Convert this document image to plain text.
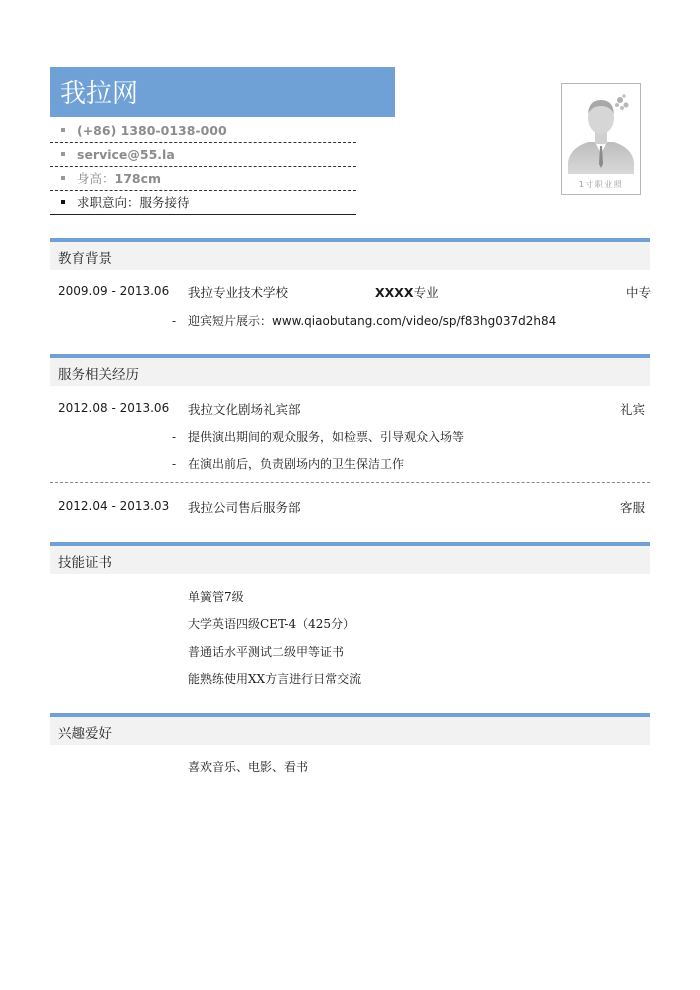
我拉网
(+86) 1380-0138-000
service@55.la
身高：178cm
求职意向：服务接待
1寸职业照
教育背景
2009.09 - 2013.06 我拉专业技术学校	XXXX专业	中专
- 迎宾短片展示：www.qiaobutang.com/video/sp/f83hg037d2h84
服务相关经历
2012.08 - 2013.06 我拉文化剧场礼宾部	礼宾
- 提供演出期间的观众服务，如检票、引导观众入场等
- 在演出前后，负责剧场内的卫生保洁工作
2012.04 - 2013.03 我拉公司售后服务部	客服
技能证书
单簧管7级
大学英语四级CET-4（425分）
普通话水平测试二级甲等证书
能熟练使用XX方言进行日常交流
兴趣爱好
喜欢音乐、电影、看书
